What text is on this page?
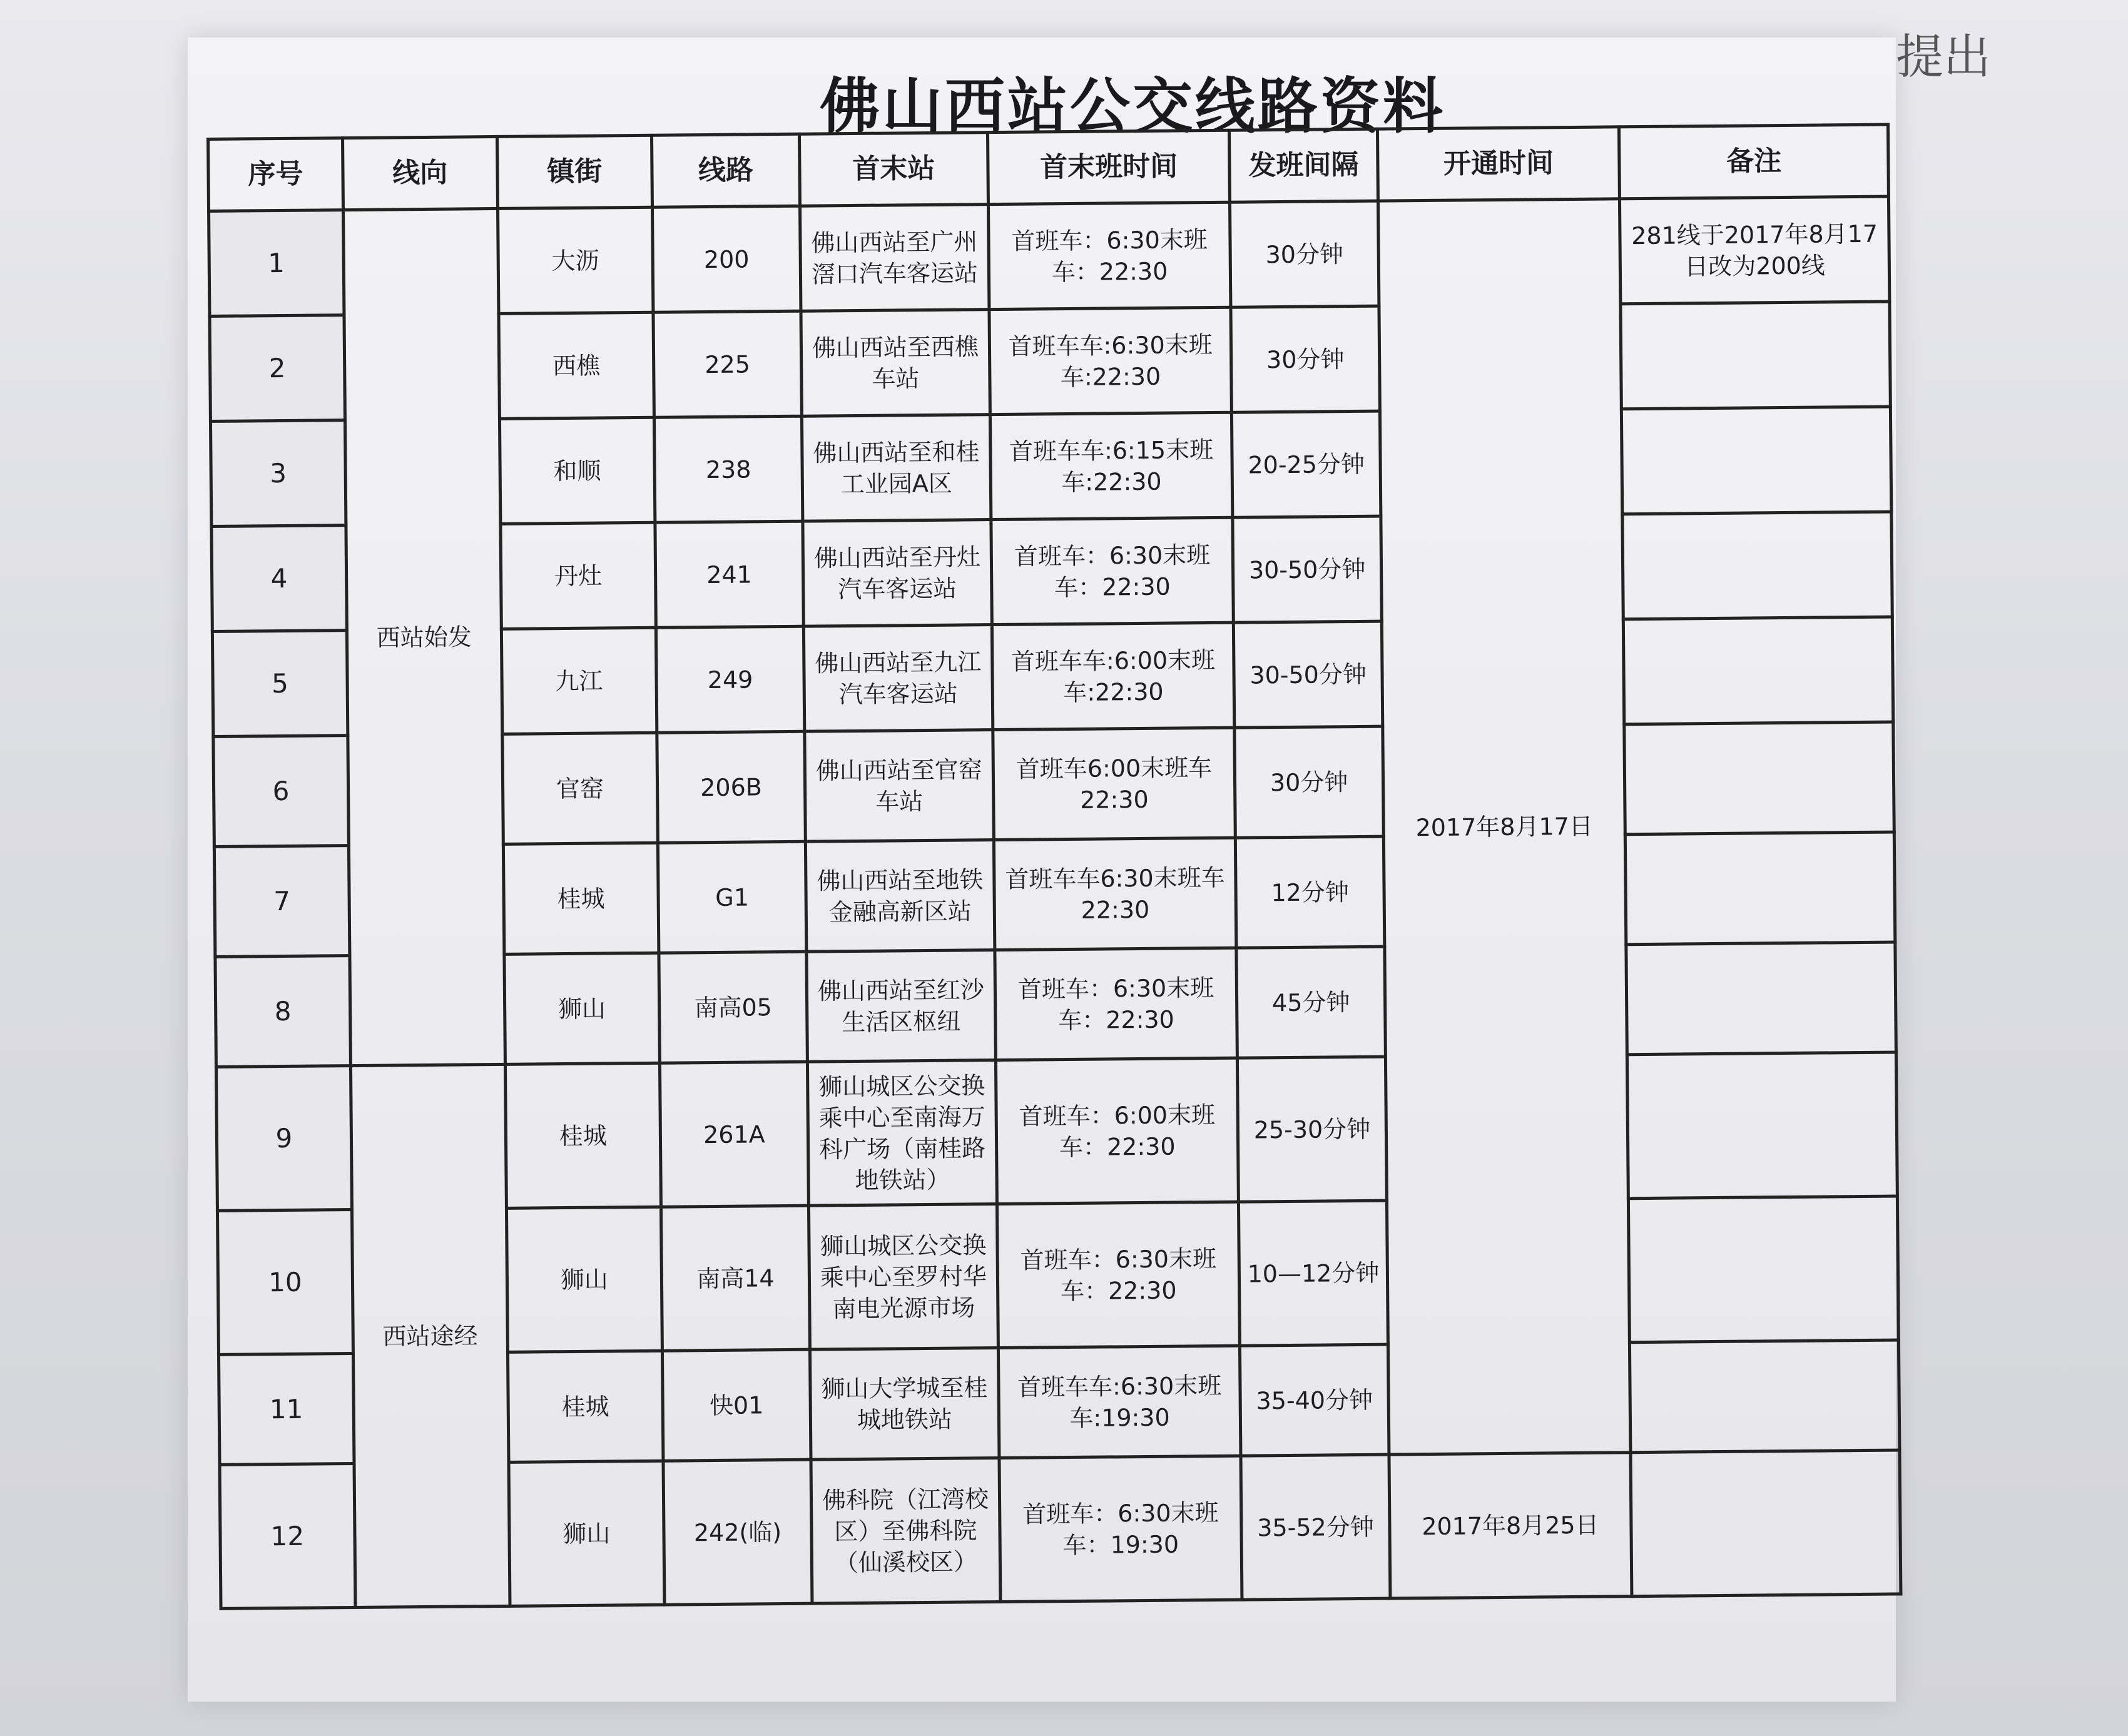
提出
佛山西站公交线路资料
序号	线向	镇街	线路	首末站	首末班时间	发班间隔	开通时间	备注
1	西站始发	大沥	200	佛山西站至广州滘口汽车客运站	首班车：6:30末班车：22:30	30分钟	2017年8月17日	281线于2017年8月17日改为200线
2		西樵	225	佛山西站至西樵车站	首班车车:6:30末班车:22:30	30分钟		
3		和顺	238	佛山西站至和桂工业园A区	首班车车:6:15末班车:22:30	20-25分钟		
4		丹灶	241	佛山西站至丹灶汽车客运站	首班车：6:30末班车：22:30	30-50分钟		
5		九江	249	佛山西站至九江汽车客运站	首班车车:6:00末班车:22:30	30-50分钟		
6		官窑	206B	佛山西站至官窑车站	首班车6:00末班车22:30	30分钟		
7		桂城	G1	佛山西站至地铁金融高新区站	首班车车6:30末班车22:30	12分钟		
8		狮山	南高05	佛山西站至红沙生活区枢纽	首班车：6:30末班车：22:30	45分钟		
9	西站途经	桂城	261A	狮山城区公交换乘中心至南海万科广场（南桂路地铁站）	首班车：6:00末班车：22:30	25-30分钟		
10		狮山	南高14	狮山城区公交换乘中心至罗村华南电光源市场	首班车：6:30末班车：22:30	10—12分钟		
11		桂城	快01	狮山大学城至桂城地铁站	首班车车:6:30末班车:19:30	35-40分钟		
12		狮山	242(临)	佛科院（江湾校区）至佛科院（仙溪校区）	首班车：6:30末班车：19:30	35-52分钟	2017年8月25日	
